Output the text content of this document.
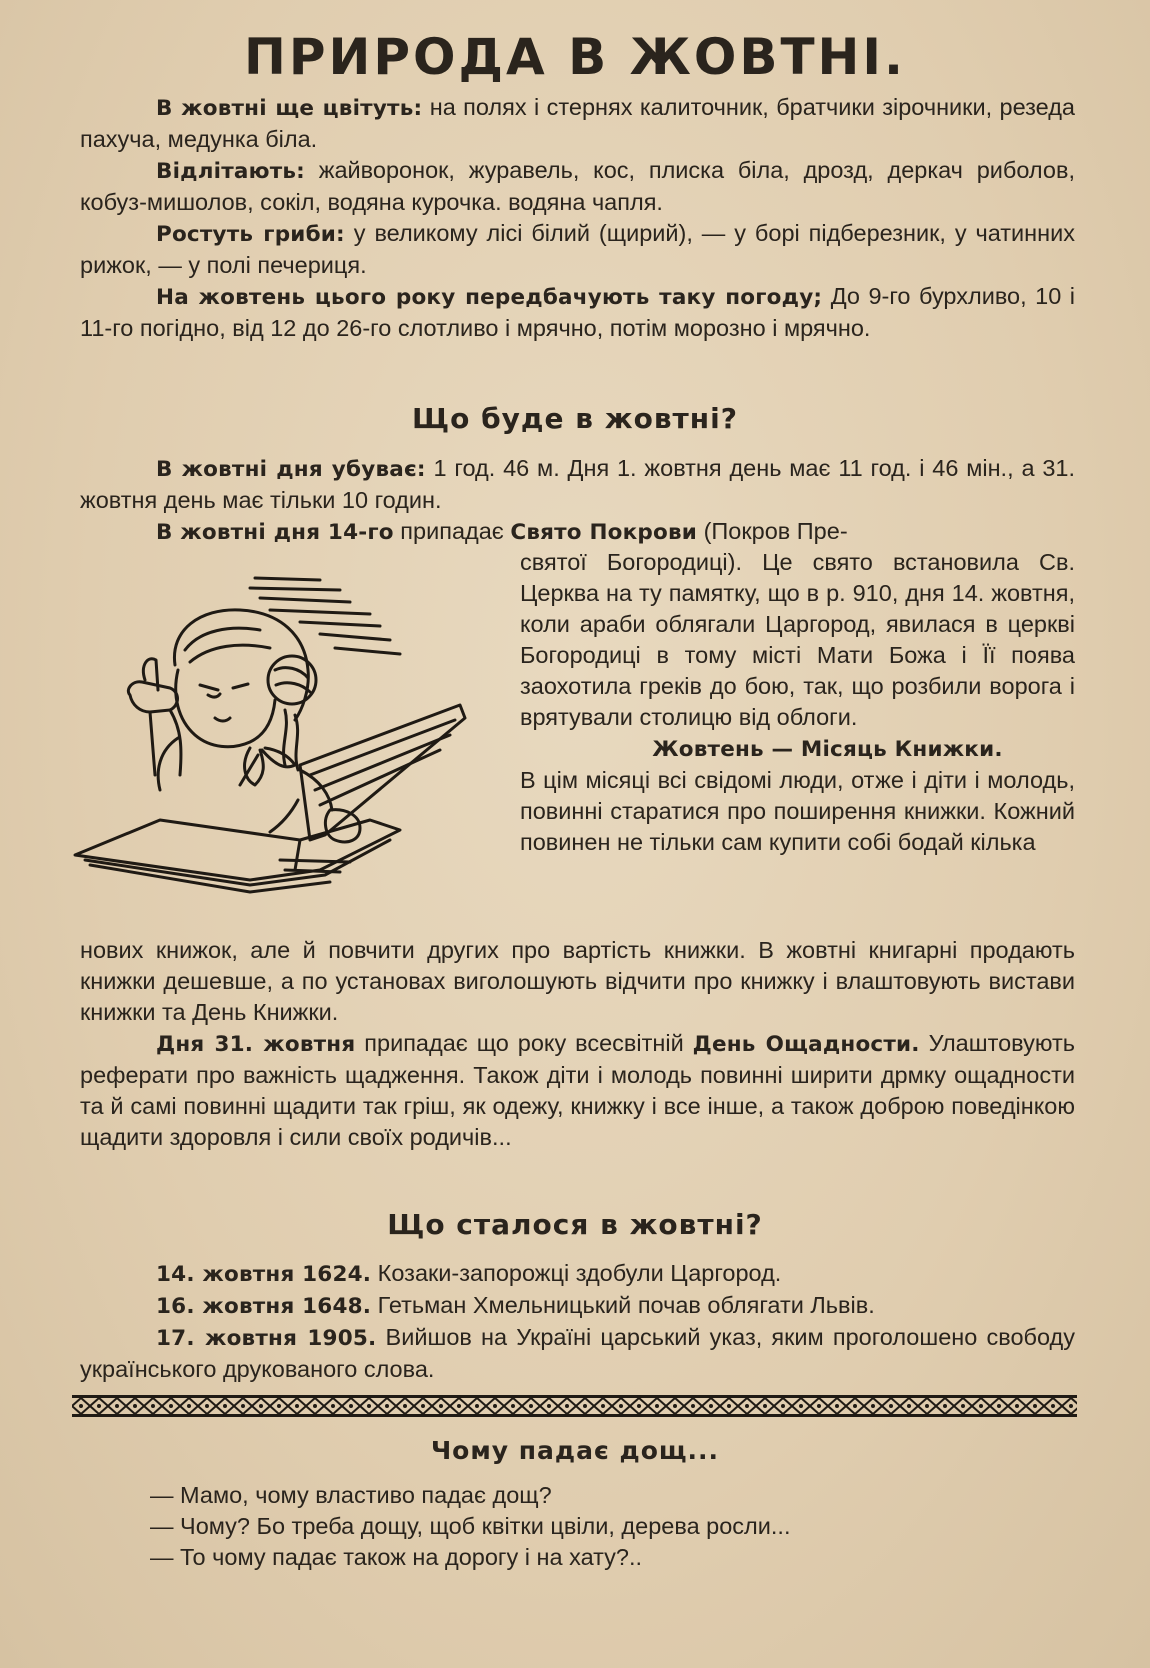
ПРИРОДА В ЖОВТНІ.

В жовтні ще цвітуть: на полях і стернях калиточник, братчики зірочники, резеда пахуча, медунка біла.

Відлітають: жайворонок, журавель, кос, плиска біла, дрозд, деркач риболов, кобуз-мишолов, сокіл, водяна курочка. водяна чапля.

Ростуть гриби: у великому лісі білий (щирий), — у борі підберезник, у чатинних рижок, — у полі печериця.

На жовтень цього року передбачують таку погоду; До 9-го бурхливо, 10 і 11-го погідно, від 12 до 26-го слотливо і мрячно, потім морозно і мрячно.

Що буде в жовтні?

В жовтні дня убуває: 1 год. 46 м. Дня 1. жовтня день має 11 год. і 46 мін., а 31. жовтня день має тільки 10 годин.

В жовтні дня 14-го припадає Свято Покрови (Покров Пре-

святої Богородиці). Це свято встановила Св. Церква на ту памятку, що в р. 910, дня 14. жовтня, коли араби облягали Царгород, явилася в церкві Богородиці в тому місті Мати Божа і Її поява заохотила греків до бою, так, що розбили ворога і врятували столицю від облоги.

Жовтень — Місяць Книжки.

В цім місяці всі свідомі люди, отже і діти і молодь, повинні старатися про поширення книжки. Кожний повинен не тільки сам купити собі бодай кілька

нових книжок, але й повчити других про вартість книжки. В жовтні книгарні продають книжки дешевше, а по установах виголошують відчити про книжку і влаштовують вистави книжки та День Книжки.

Дня 31. жовтня припадає що року всесвітній День Ощадности. Улаштовують реферати про важність щадження. Також діти і молодь повинні ширити дрмку ощадности та й самі повинні щадити так гріш, як одежу, книжку і все інше, а також доброю поведінкою щадити здоровля і сили своїх родичів...

Що сталося в жовтні?

14. жовтня 1624. Козаки-запорожці здобули Царгород.

16. жовтня 1648. Гетьман Хмельницький почав облягати Львів.

17. жовтня 1905. Вийшов на Україні царський указ, яким проголошено свободу українського друкованого слова.

Чому падає дощ...
— Мамо, чому властиво падає дощ?
— Чому? Бо треба дощу, щоб квітки цвіли, дерева росли...
— То чому падає також на дорогу і на хату?..
